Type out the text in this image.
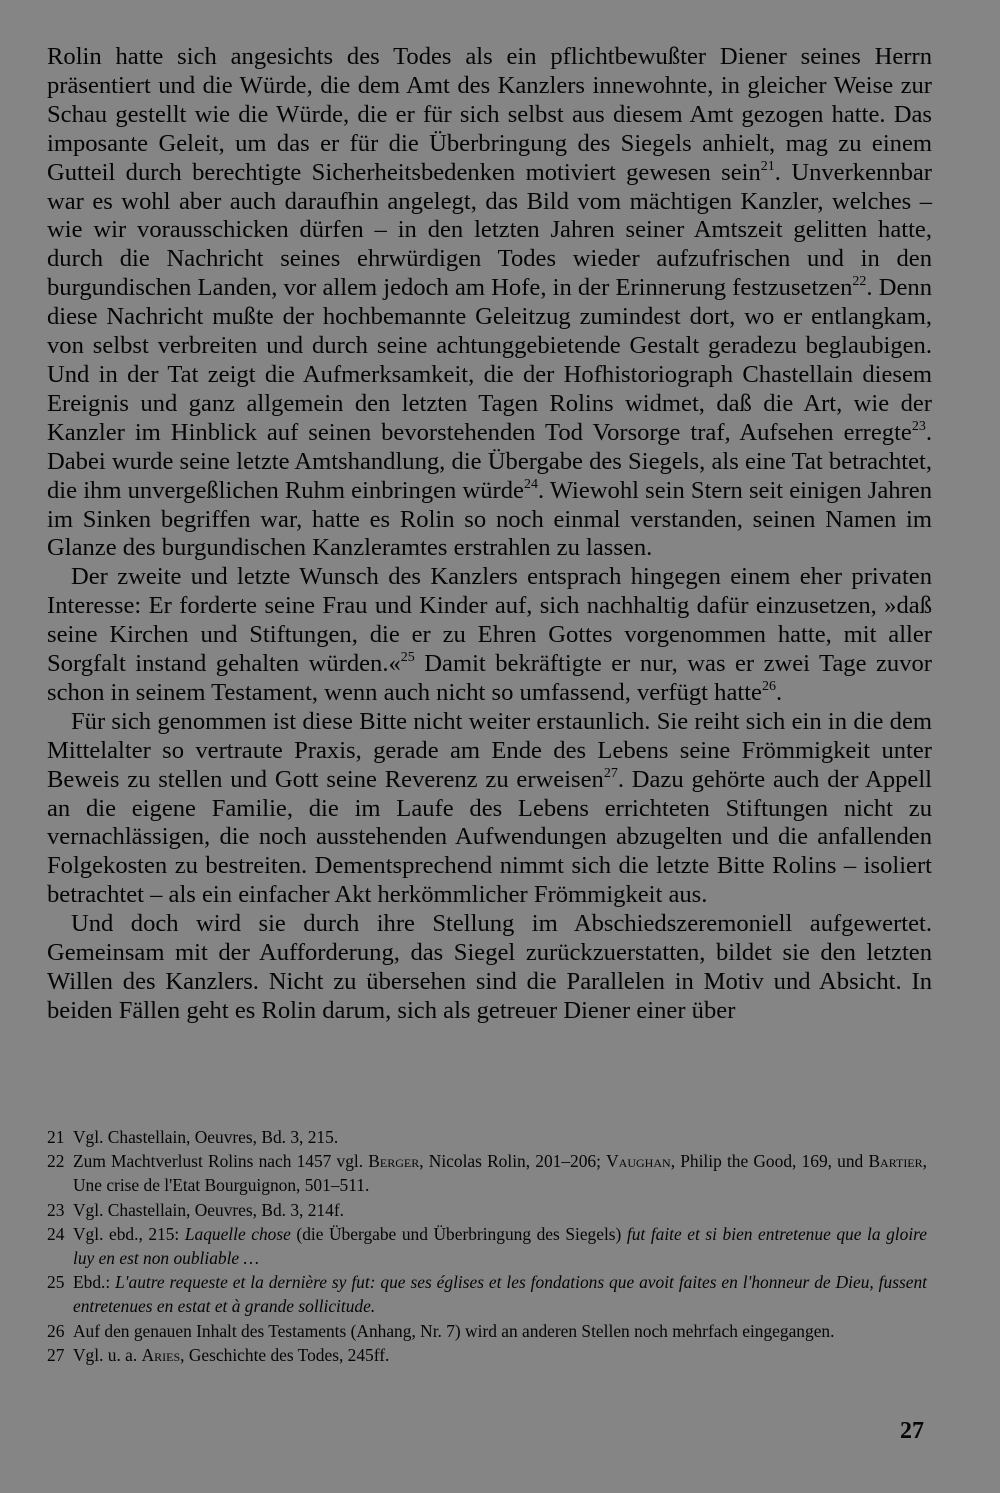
Rolin hatte sich angesichts des Todes als ein pflichtbewußter Diener seines Herrn präsentiert und die Würde, die dem Amt des Kanzlers innewohnte, in gleicher Weise zur Schau gestellt wie die Würde, die er für sich selbst aus diesem Amt gezogen hatte. Das imposante Geleit, um das er für die Überbringung des Siegels anhielt, mag zu einem Gutteil durch berechtigte Sicherheitsbedenken motiviert gewesen sein$^{21}$. Unverkennbar war es wohl aber auch daraufhin angelegt, das Bild vom mächtigen Kanzler, welches – wie wir vorausschicken dürfen – in den letzten Jahren seiner Amtszeit gelitten hatte, durch die Nachricht seines ehrwürdigen Todes wieder aufzufrischen und in den burgundischen Landen, vor allem jedoch am Hofe, in der Erinnerung festzusetzen$^{22}$. Denn diese Nachricht mußte der hochbemannte Geleitzug zumindest dort, wo er entlangkam, von selbst verbreiten und durch seine achtunggebietende Gestalt geradezu beglaubigen. Und in der Tat zeigt die Aufmerksamkeit, die der Hofhistoriograph Chastellain diesem Ereignis und ganz allgemein den letzten Tagen Rolins widmet, daß die Art, wie der Kanzler im Hinblick auf seinen bevorstehenden Tod Vorsorge traf, Aufsehen erregte$^{23}$. Dabei wurde seine letzte Amtshandlung, die Übergabe des Siegels, als eine Tat betrachtet, die ihm unvergeßlichen Ruhm einbringen würde$^{24}$. Wiewohl sein Stern seit einigen Jahren im Sinken begriffen war, hatte es Rolin so noch einmal verstanden, seinen Namen im Glanze des burgundischen Kanzleramtes erstrahlen zu lassen.

Der zweite und letzte Wunsch des Kanzlers entsprach hingegen einem eher privaten Interesse: Er forderte seine Frau und Kinder auf, sich nachhaltig dafür einzusetzen, »daß seine Kirchen und Stiftungen, die er zu Ehren Gottes vorgenommen hatte, mit aller Sorgfalt instand gehalten würden.«$^{25}$ Damit bekräftigte er nur, was er zwei Tage zuvor schon in seinem Testament, wenn auch nicht so umfassend, verfügt hatte$^{26}$.

Für sich genommen ist diese Bitte nicht weiter erstaunlich. Sie reiht sich ein in die dem Mittelalter so vertraute Praxis, gerade am Ende des Lebens seine Frömmigkeit unter Beweis zu stellen und Gott seine Reverenz zu erweisen$^{27}$. Dazu gehörte auch der Appell an die eigene Familie, die im Laufe des Lebens errichteten Stiftungen nicht zu vernachlässigen, die noch ausstehenden Aufwendungen abzugelten und die anfallenden Folgekosten zu bestreiten. Dementsprechend nimmt sich die letzte Bitte Rolins – isoliert betrachtet – als ein einfacher Akt herkömmlicher Frömmigkeit aus.

Und doch wird sie durch ihre Stellung im Abschiedszeremoniell aufgewertet. Gemeinsam mit der Aufforderung, das Siegel zurückzuerstatten, bildet sie den letzten Willen des Kanzlers. Nicht zu übersehen sind die Parallelen in Motiv und Absicht. In beiden Fällen geht es Rolin darum, sich als getreuer Diener einer über

21 Vgl. Chastellain, Oeuvres, Bd. 3, 215.
22 Zum Machtverlust Rolins nach 1457 vgl. Berger, Nicolas Rolin, 201–206; Vaughan, Philip the Good, 169, und Bartier, Une crise de l'Etat Bourguignon, 501–511.
23 Vgl. Chastellain, Oeuvres, Bd. 3, 214f.
24 Vgl. ebd., 215: Laquelle chose (die Übergabe und Überbringung des Siegels) fut faite et si bien entretenue que la gloire luy en est non oubliable …
25 Ebd.: L'autre requeste et la dernière sy fut: que ses églises et les fondations que avoit faites en l'honneur de Dieu, fussent entretenues en estat et à grande sollicitude.
26 Auf den genauen Inhalt des Testaments (Anhang, Nr. 7) wird an anderen Stellen noch mehrfach eingegangen.
27 Vgl. u. a. Aries, Geschichte des Todes, 245ff.
27
